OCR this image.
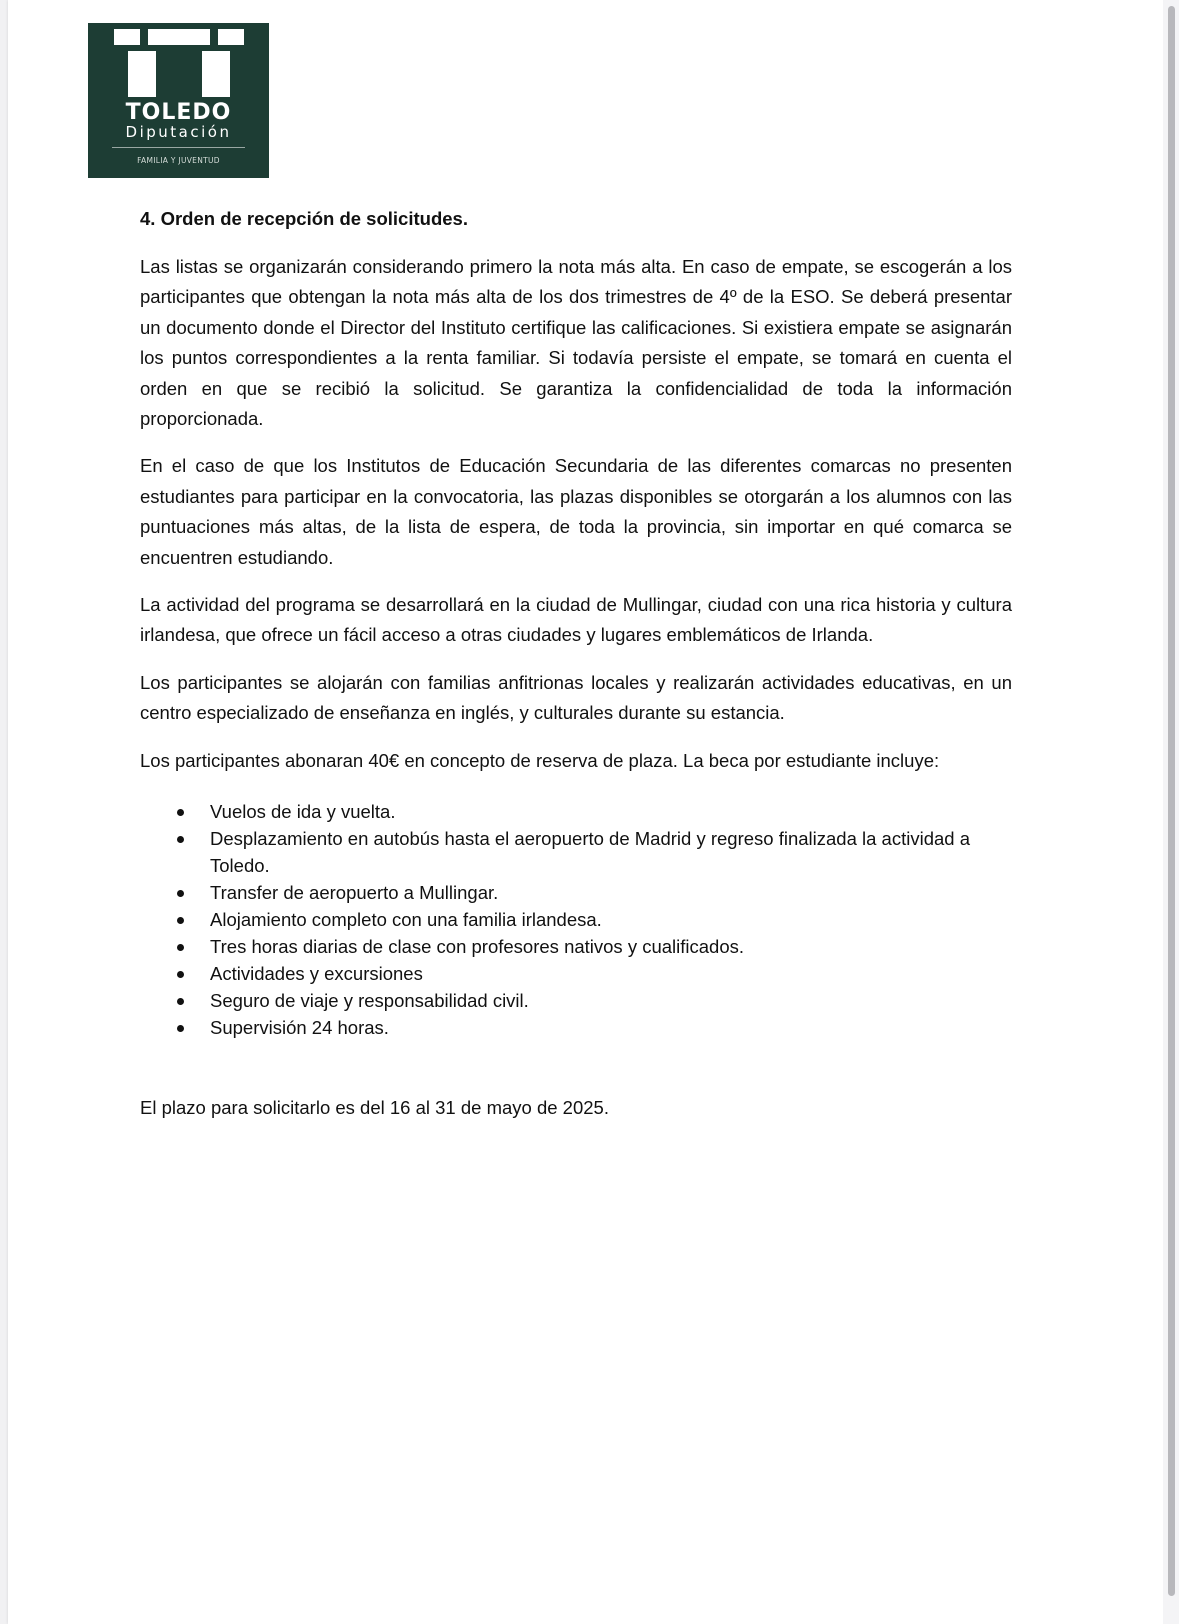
TOLEDO
Diputación
FAMILIA Y JUVENTUD
4. Orden de recepción de solicitudes.

Las listas se organizarán considerando primero la nota más alta. En caso de empate, se escogerán a los participantes que obtengan la nota más alta de los dos trimestres de 4º de la ESO. Se deberá presentar un documento donde el Director del Instituto certifique las calificaciones. Si existiera empate se asignarán los puntos correspondientes a la renta familiar. Si todavía persiste el empate, se tomará en cuenta el orden en que se recibió la solicitud. Se garantiza la confidencialidad de toda la información proporcionada.

En el caso de que los Institutos de Educación Secundaria de las diferentes comarcas no presenten estudiantes para participar en la convocatoria, las plazas disponibles se otorgarán a los alumnos con las puntuaciones más altas, de la lista de espera, de toda la provincia, sin importar en qué comarca se encuentren estudiando.

La actividad del programa se desarrollará en la ciudad de Mullingar, ciudad con una rica historia y cultura irlandesa, que ofrece un fácil acceso a otras ciudades y lugares emblemáticos de Irlanda.

Los participantes se alojarán con familias anfitrionas locales y realizarán actividades educativas, en un centro especializado de enseñanza en inglés, y culturales durante su estancia.

Los participantes abonaran 40€ en concepto de reserva de plaza. La beca por estudiante incluye:

Vuelos de ida y vuelta.
Desplazamiento en autobús hasta el aeropuerto de Madrid y regreso finalizada la actividad a Toledo.
Transfer de aeropuerto a Mullingar.
Alojamiento completo con una familia irlandesa.
Tres horas diarias de clase con profesores nativos y cualificados.
Actividades y excursiones
Seguro de viaje y responsabilidad civil.
Supervisión 24 horas.

El plazo para solicitarlo es del 16 al 31 de mayo de 2025.
